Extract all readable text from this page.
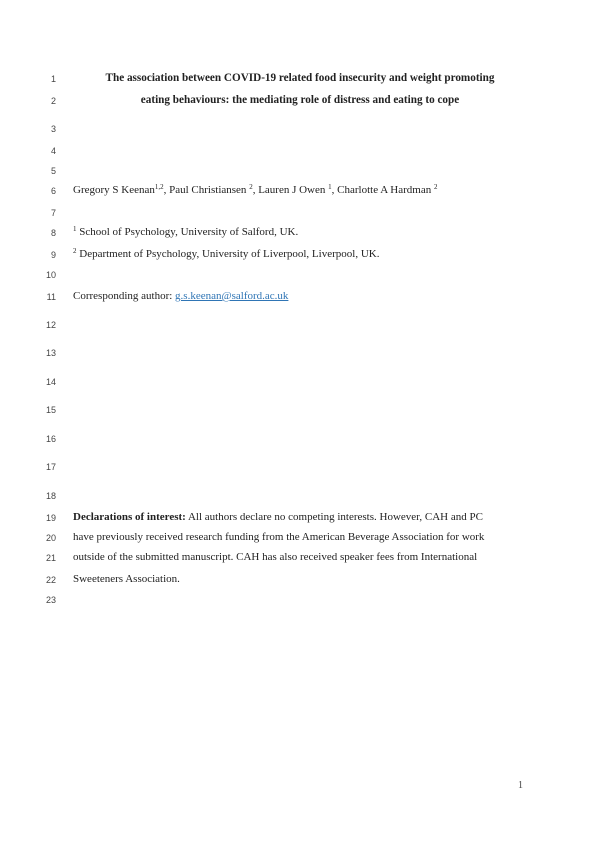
1
2
3
4
5
6
7
8
9
10
11
12
13
14
15
16
17
18
19
20
21
22
23
The association between COVID-19 related food insecurity and weight promoting
eating behaviours: the mediating role of distress and eating to cope
Gregory S Keenan$^{1,2}$, Paul Christiansen $^2$, Lauren J Owen $^1$, Charlotte A Hardman $^2$
$^1$ School of Psychology, University of Salford, UK.
$^2$ Department of Psychology, University of Liverpool, Liverpool, UK.
Corresponding author: g.s.keenan@salford.ac.uk
Declarations of interest: All authors declare no competing interests. However, CAH and PC
have previously received research funding from the American Beverage Association for work
outside of the submitted manuscript. CAH has also received speaker fees from International
Sweeteners Association.
1
